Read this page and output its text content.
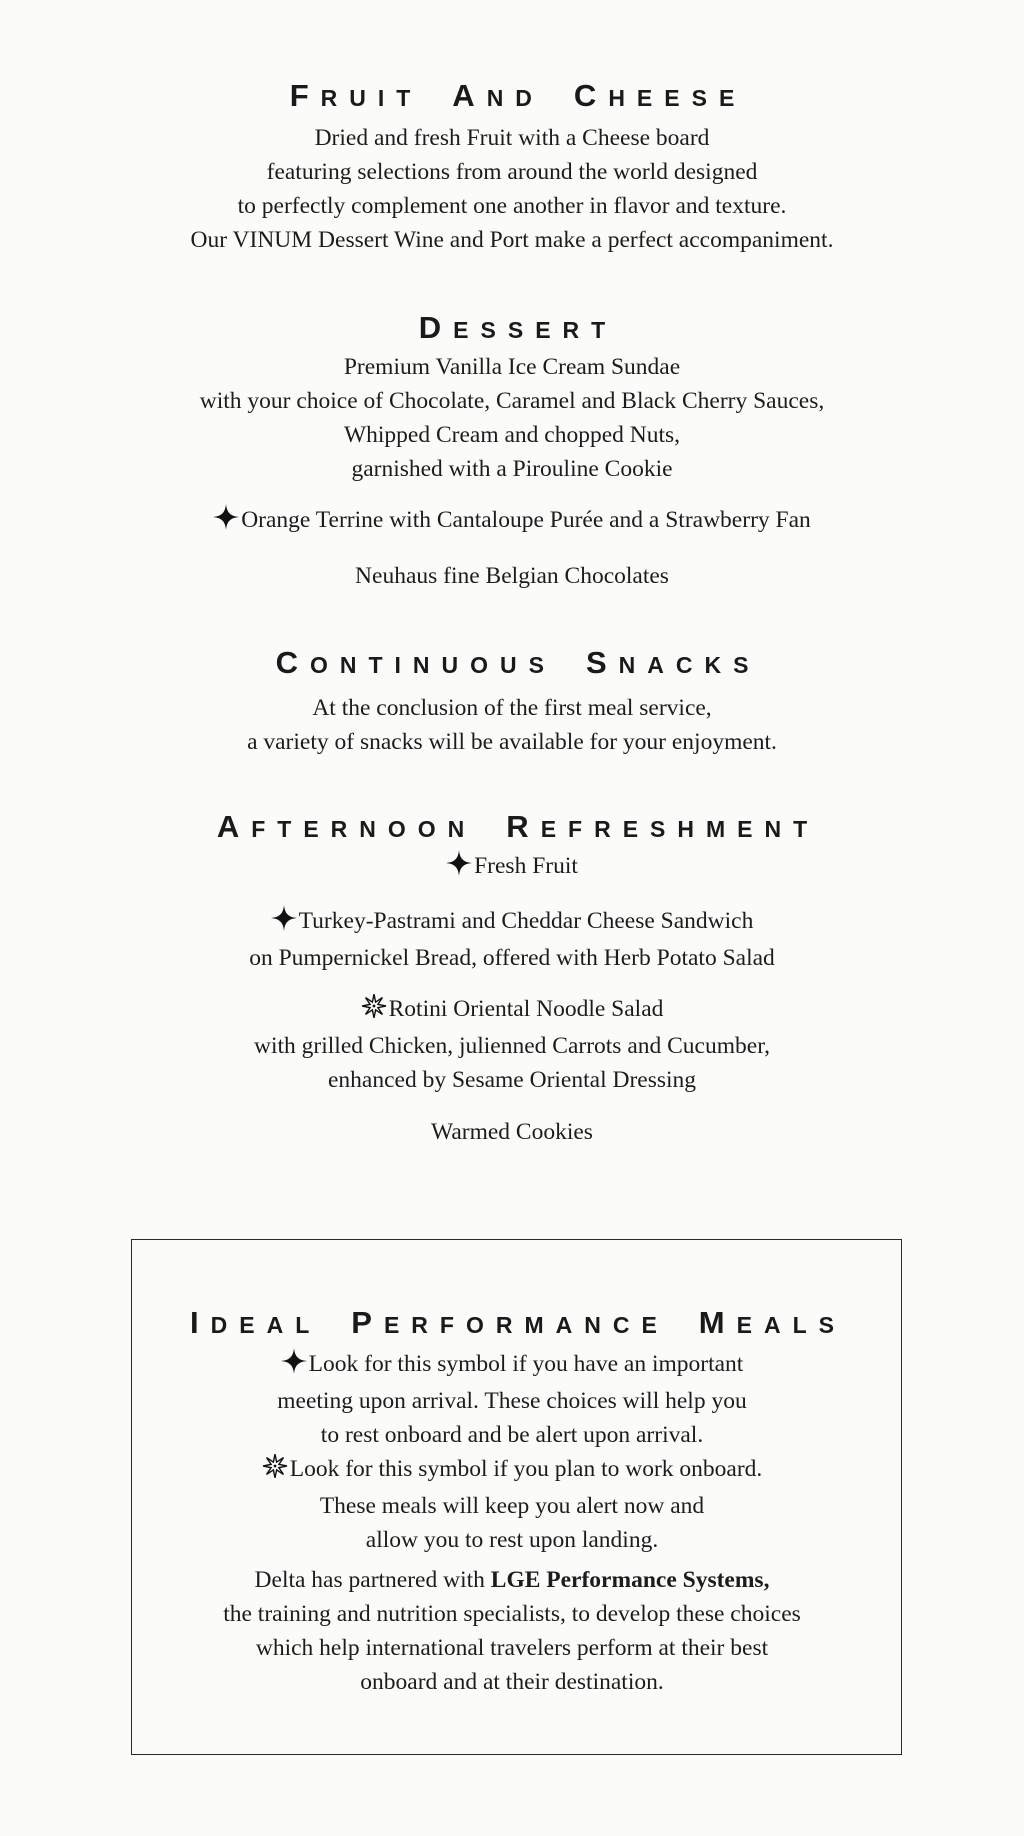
FRUIT AND CHEESE
Dried and fresh Fruit with a Cheese board
featuring selections from around the world designed
to perfectly complement one another in flavor and texture.
Our VINUM Dessert Wine and Port make a perfect accompaniment.
DESSERT
Premium Vanilla Ice Cream Sundae
with your choice of Chocolate, Caramel and Black Cherry Sauces,
Whipped Cream and chopped Nuts,
garnished with a Pirouline Cookie
Orange Terrine with Cantaloupe Purée and a Strawberry Fan
Neuhaus fine Belgian Chocolates
CONTINUOUS SNACKS
At the conclusion of the first meal service,
a variety of snacks will be available for your enjoyment.
AFTERNOON REFRESHMENT
Fresh Fruit
Turkey-Pastrami and Cheddar Cheese Sandwich
on Pumpernickel Bread, offered with Herb Potato Salad
Rotini Oriental Noodle Salad
with grilled Chicken, julienned Carrots and Cucumber,
enhanced by Sesame Oriental Dressing
Warmed Cookies
IDEAL PERFORMANCE MEALS
Look for this symbol if you have an important
meeting upon arrival. These choices will help you
to rest onboard and be alert upon arrival.
Look for this symbol if you plan to work onboard.
These meals will keep you alert now and
allow you to rest upon landing.
Delta has partnered with LGE Performance Systems,
the training and nutrition specialists, to develop these choices
which help international travelers perform at their best
onboard and at their destination.
